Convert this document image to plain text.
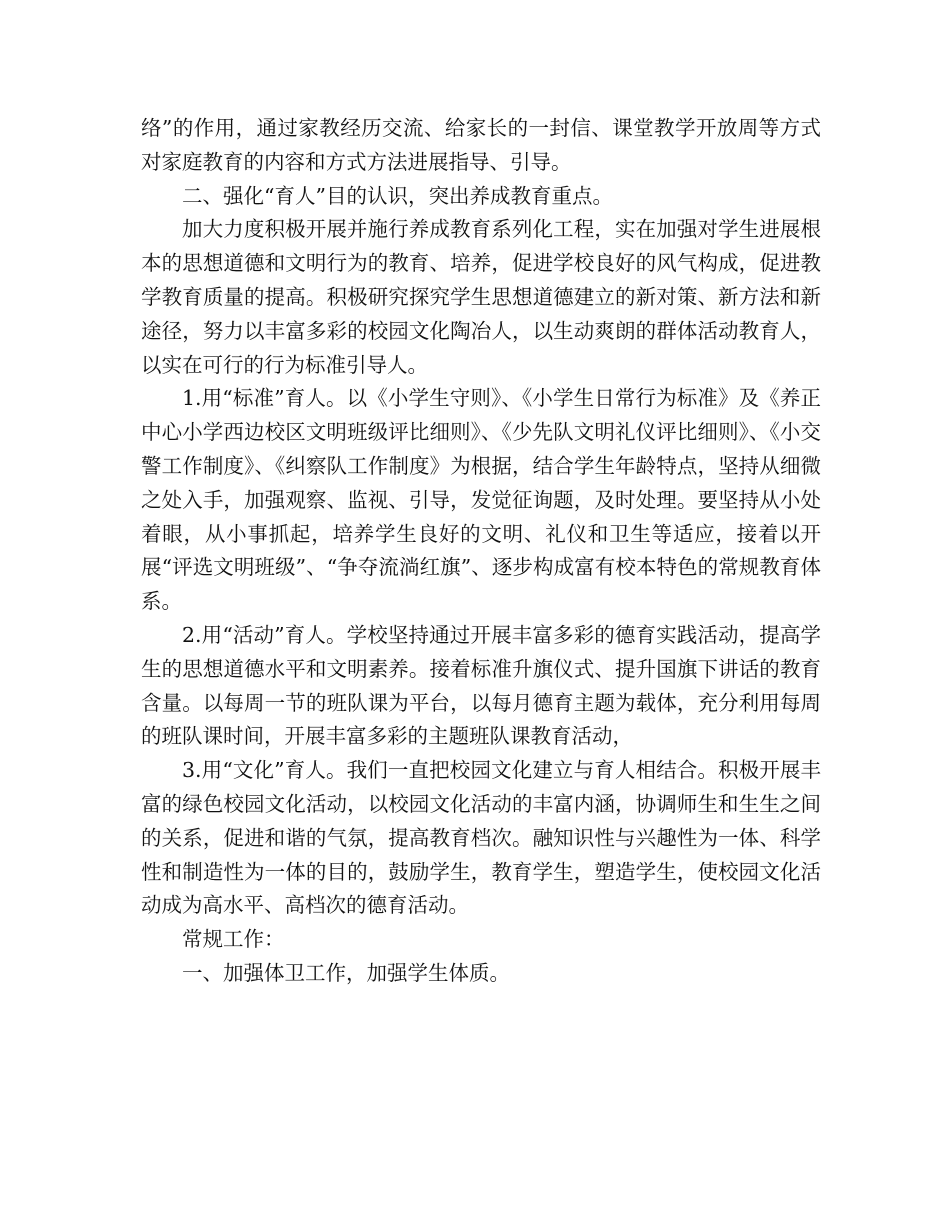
络”的作用，通过家教经历交流、给家长的一封信、课堂教学开放周等方式对家庭教育的内容和方式方法进展指导、引导。

二、强化“育人”目的认识，突出养成教育重点。

加大力度积极开展并施行养成教育系列化工程，实在加强对学生进展根本的思想道德和文明行为的教育、培养，促进学校良好的风气构成，促进教学教育质量的提高。积极研究探究学生思想道德建立的新对策、新方法和新途径，努力以丰富多彩的校园文化陶冶人，以生动爽朗的群体活动教育人，以实在可行的行为标准引导人。

1.用“标准”育人。以《小学生守则》、《小学生日常行为标准》及《养正中心小学西边校区文明班级评比细则》、《少先队文明礼仪评比细则》、《小交警工作制度》、《纠察队工作制度》为根据，结合学生年龄特点，坚持从细微之处入手，加强观察、监视、引导，发觉征询题，及时处理。要坚持从小处着眼，从小事抓起，培养学生良好的文明、礼仪和卫生等适应，接着以开展“评选文明班级”、“争夺流淌红旗”、逐步构成富有校本特色的常规教育体系。

2.用“活动”育人。学校坚持通过开展丰富多彩的德育实践活动，提高学生的思想道德水平和文明素养。接着标准升旗仪式、提升国旗下讲话的教育含量。以每周一节的班队课为平台，以每月德育主题为载体，充分利用每周的班队课时间，开展丰富多彩的主题班队课教育活动，

3.用“文化”育人。我们一直把校园文化建立与育人相结合。积极开展丰富的绿色校园文化活动，以校园文化活动的丰富内涵，协调师生和生生之间的关系，促进和谐的气氛，提高教育档次。融知识性与兴趣性为一体、科学性和制造性为一体的目的，鼓励学生，教育学生，塑造学生，使校园文化活动成为高水平、高档次的德育活动。

常规工作：

一、加强体卫工作，加强学生体质。
